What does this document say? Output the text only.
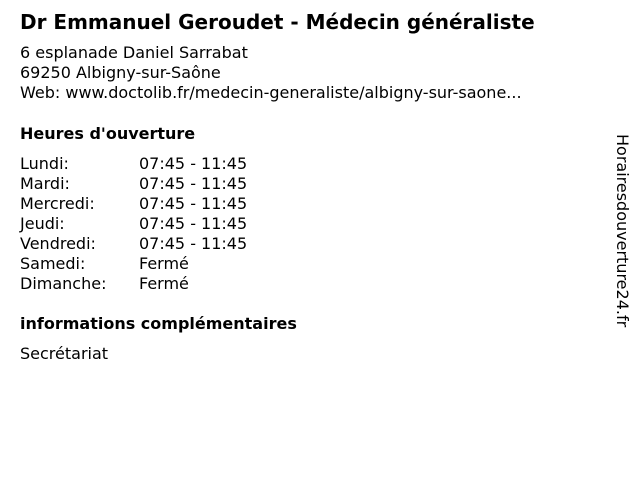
Dr Emmanuel Geroudet - Médecin généraliste
6 esplanade Daniel Sarrabat
69250 Albigny-sur-Saône
Web: www.doctolib.fr/medecin-generaliste/albigny-sur-saone...
Heures d'ouverture
Lundi:	07:45 - 11:45
Mardi:	07:45 - 11:45
Mercredi:	07:45 - 11:45
Jeudi:	07:45 - 11:45
Vendredi:	07:45 - 11:45
Samedi:	Fermé
Dimanche: Fermé
informations complémentaires
Secrétariat
Horairesdouverture24.fr
